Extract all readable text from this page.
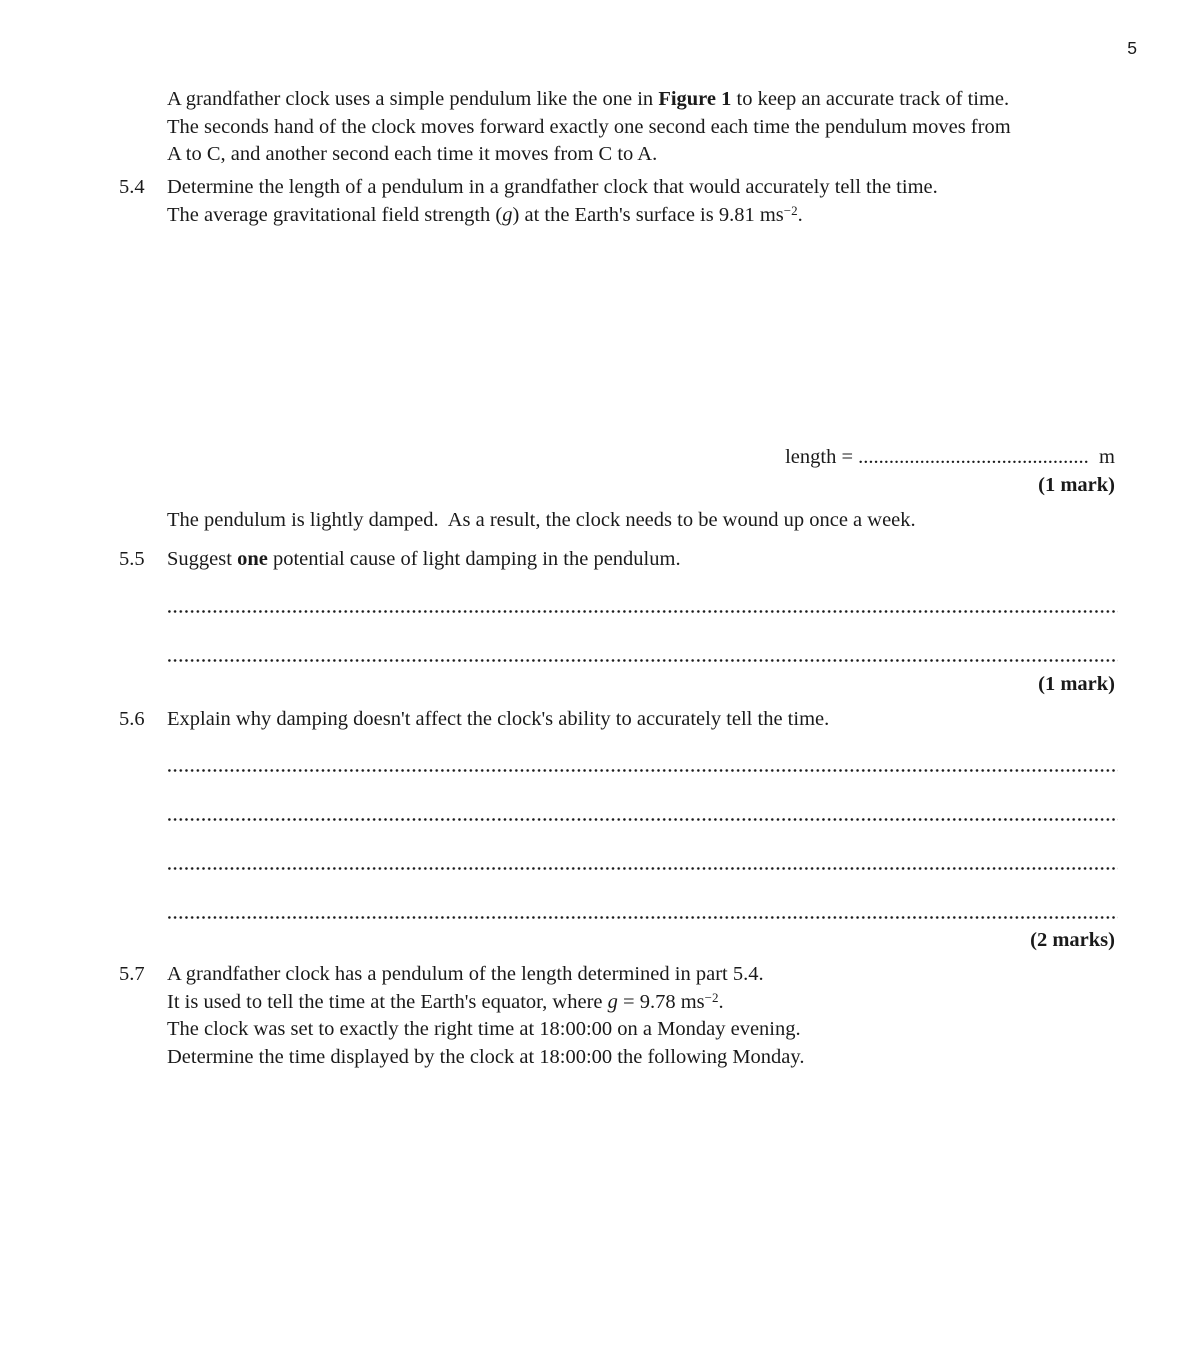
5
A grandfather clock uses a simple pendulum like the one in Figure 1 to keep an accurate track of time.
The seconds hand of the clock moves forward exactly one second each time the pendulum moves from
A to C, and another second each time it moves from C to A.
5.4	Determine the length of a pendulum in a grandfather clock that would accurately tell the time.
The average gravitational field strength (g) at the Earth's surface is 9.81 $ms^{-2}$.
length = ............................................. m
(1 mark)
The pendulum is lightly damped.  As a result, the clock needs to be wound up once a week.
5.5	Suggest one potential cause of light damping in the pendulum.
(1 mark)
5.6	Explain why damping doesn't affect the clock's ability to accurately tell the time.
(2 marks)
5.7	A grandfather clock has a pendulum of the length determined in part 5.4.
It is used to tell the time at the Earth's equator, where g = 9.78 $ms^{-2}$.
The clock was set to exactly the right time at 18:00:00 on a Monday evening.
Determine the time displayed by the clock at 18:00:00 the following Monday.
